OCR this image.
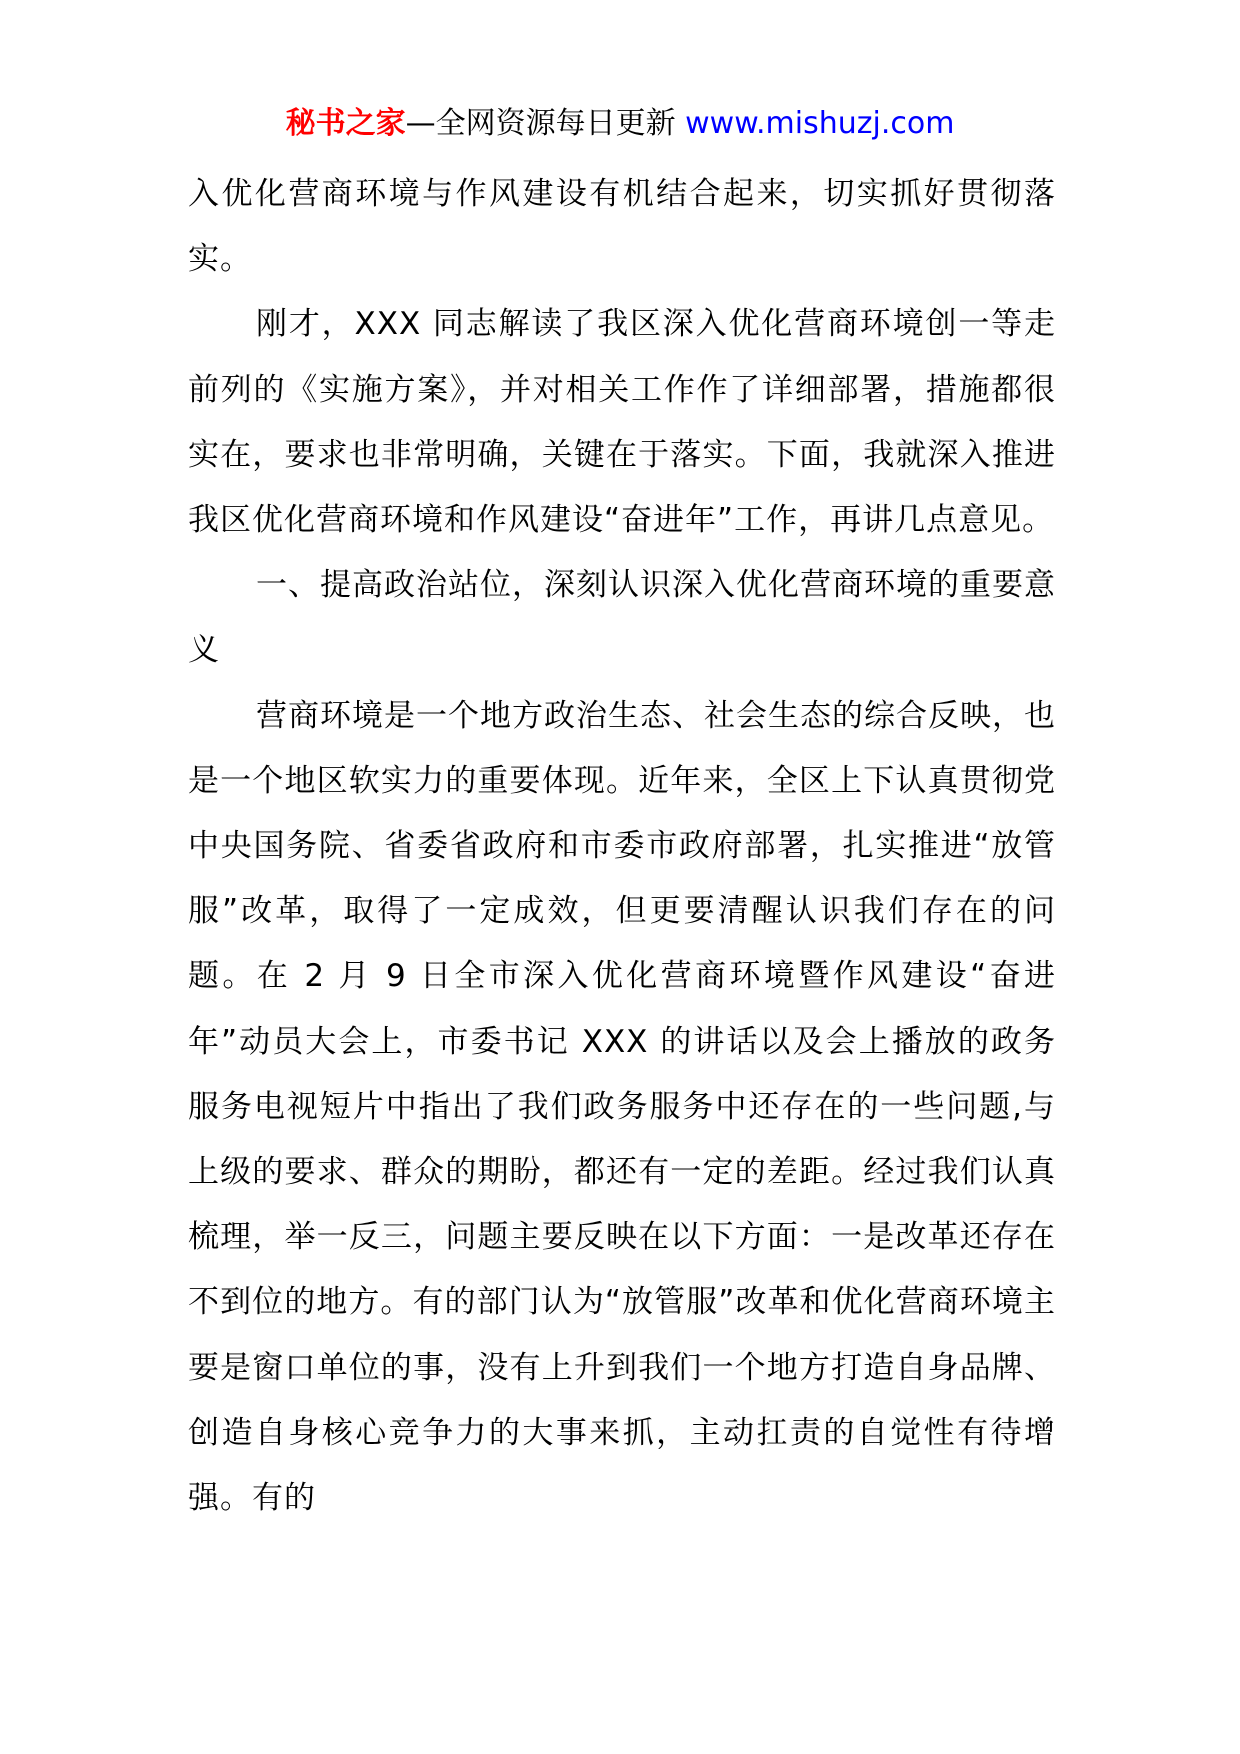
秘书之家—全网资源每日更新 www.mishuzj.com

入优化营商环境与作风建设有机结合起来，切实抓好贯彻落实。

刚才，XXX 同志解读了我区深入优化营商环境创一等走前列的《实施方案》，并对相关工作作了详细部署，措施都很实在，要求也非常明确，关键在于落实。下面，我就深入推进我区优化营商环境和作风建设“奋进年”工作，再讲几点意见。

一、提高政治站位，深刻认识深入优化营商环境的重要意义

营商环境是一个地方政治生态、社会生态的综合反映，也是一个地区软实力的重要体现。近年来，全区上下认真贯彻党中央国务院、省委省政府和市委市政府部署，扎实推进“放管服”改革，取得了一定成效，但更要清醒认识我们存在的问题。在 2 月 9 日全市深入优化营商环境暨作风建设“奋进年”动员大会上，市委书记 XXX 的讲话以及会上播放的政务服务电视短片中指出了我们政务服务中还存在的一些问题,与上级的要求、群众的期盼，都还有一定的差距。经过我们认真梳理，举一反三，问题主要反映在以下方面：一是改革还存在不到位的地方。有的部门认为“放管服”改革和优化营商环境主要是窗口单位的事，没有上升到我们一个地方打造自身品牌、创造自身核心竞争力的大事来抓，主动扛责的自觉性有待增强。有的
